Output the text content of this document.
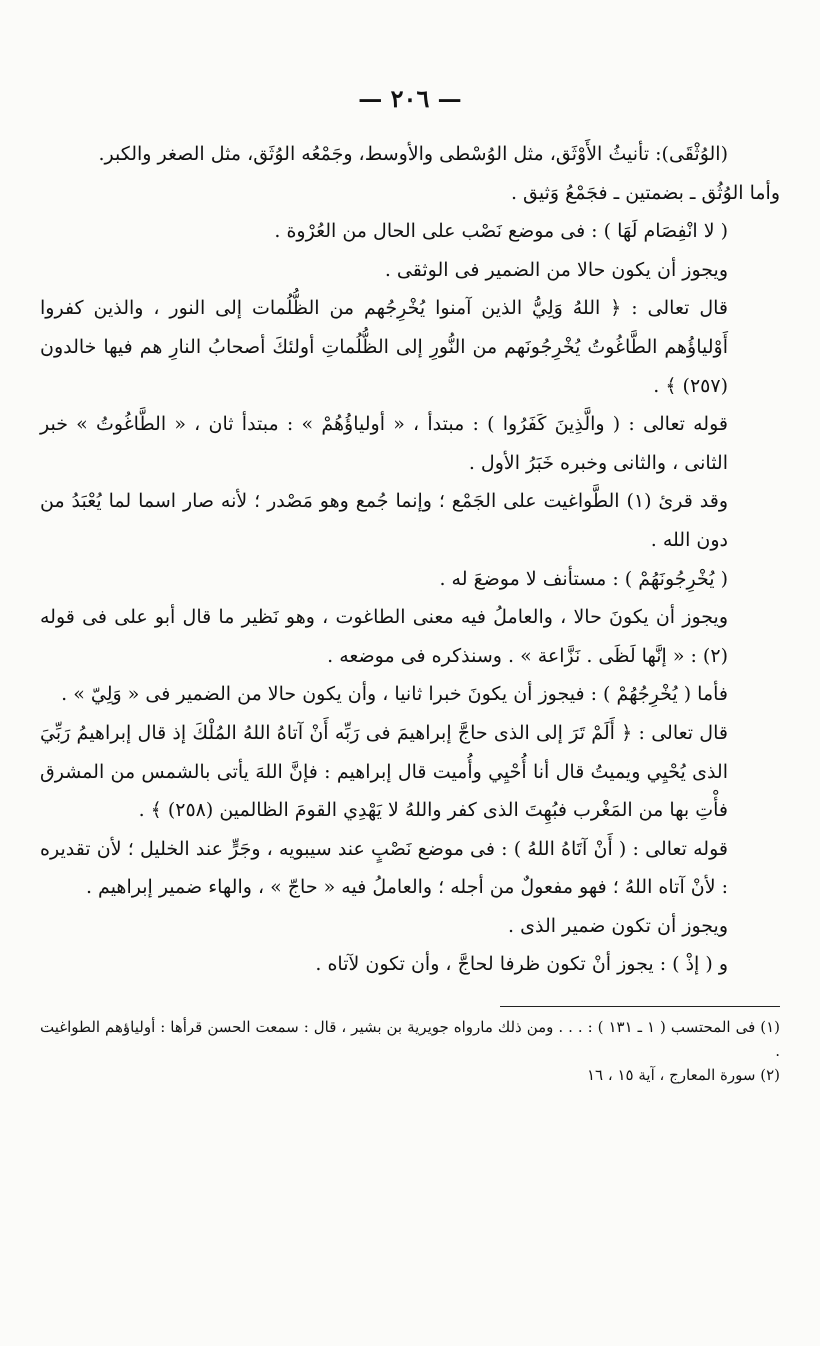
— ٢٠٦ —

(الوُثْقَى): تأنيثُ الأَوْثَق، مثل الوُسْطى والأوسط، وجَمْعُه الوُثَق، مثل الصغر والكبر.

وأما الوُثُق ـ بضمتين ـ فجَمْعُ وَثيق .

( لا انْفِصَام لَهَا ) : فى موضع نَصْب على الحال من العُرْوة .

ويجوز أن يكون حالا من الضمير فى الوثقى .

قال تعالى : ﴿ اللهُ وَلِيُّ الذين آمنوا يُخْرِجُهم من الظُّلُمات إلى النور ، والذين كفروا أَوْلياؤُهم الطَّاغُوتُ يُخْرِجُونَهم من النُّورِ إلى الظُّلُماتِ أولئكَ أصحابُ النارِ هم فيها خالدون (٢٥٧) ﴾ .

قوله تعالى : ( والَّذِينَ كَفَرُوا ) : مبتدأ ، « أولياؤُهُمْ » : مبتدأ ثان ، « الطَّاغُوتُ » خبر الثانى ، والثانى وخبره خَبَرُ الأول .

وقد قرئ (١) الطَّواغيت على الجَمْع ؛ وإنما جُمع وهو مَصْدر ؛ لأنه صار اسما لما يُعْبَدُ من دون الله .

( يُخْرِجُونَهُمْ ) : مستأنف لا موضعَ له .

ويجوز أن يكونَ حالا ، والعاملُ فيه معنى الطاغوت ، وهو نَظير ما قال أبو على فى قوله (٢) : « إنَّها لَظَى . نَزَّاعة » . وسنذكره فى موضعه .

فأما ( يُخْرِجُهُمْ ) : فيجوز أن يكونَ خبرا ثانيا ، وأن يكون حالا من الضمير فى « وَلِيّ » .

قال تعالى : ﴿ أَلَمْ تَرَ إلى الذى حاجَّ إبراهيمَ فى رَبِّه أَنْ آتاهُ اللهُ المُلْكَ إذ قال إبراهيمُ رَبِّيَ الذى يُحْيِي ويميتُ قال أنا أُحْيِي وأُميت قال إبراهيم : فإنَّ اللهَ يأتى بالشمس من المشرق فأْتِ بها من المَغْرب فبُهِتَ الذى كفر واللهُ لا يَهْدِي القومَ الظالمين (٢٥٨) ﴾ .

قوله تعالى : ( أَنْ آتَاهُ اللهُ ) : فى موضع نَصْبٍ عند سيبويه ، وجَرٍّ عند الخليل ؛ لأن تقديره : لأنْ آتاه اللهُ ؛ فهو مفعولٌ من أجله ؛ والعاملُ فيه « حاجّ » ، والهاء ضمير إبراهيم .

ويجوز أن تكون ضمير الذى .

و ( إذْ ) : يجوز أنْ تكون ظرفا لحاجَّ ، وأن تكون لآتاه .

(١) فى المحتسب ( ١ ـ ١٣١ ) : . . . ومن ذلك مارواه جويرية بن بشير ، قال : سمعت الحسن قرأها : أولياؤهم الطواغيت .

(٢) سورة المعارج ، آية ١٥ ، ١٦
